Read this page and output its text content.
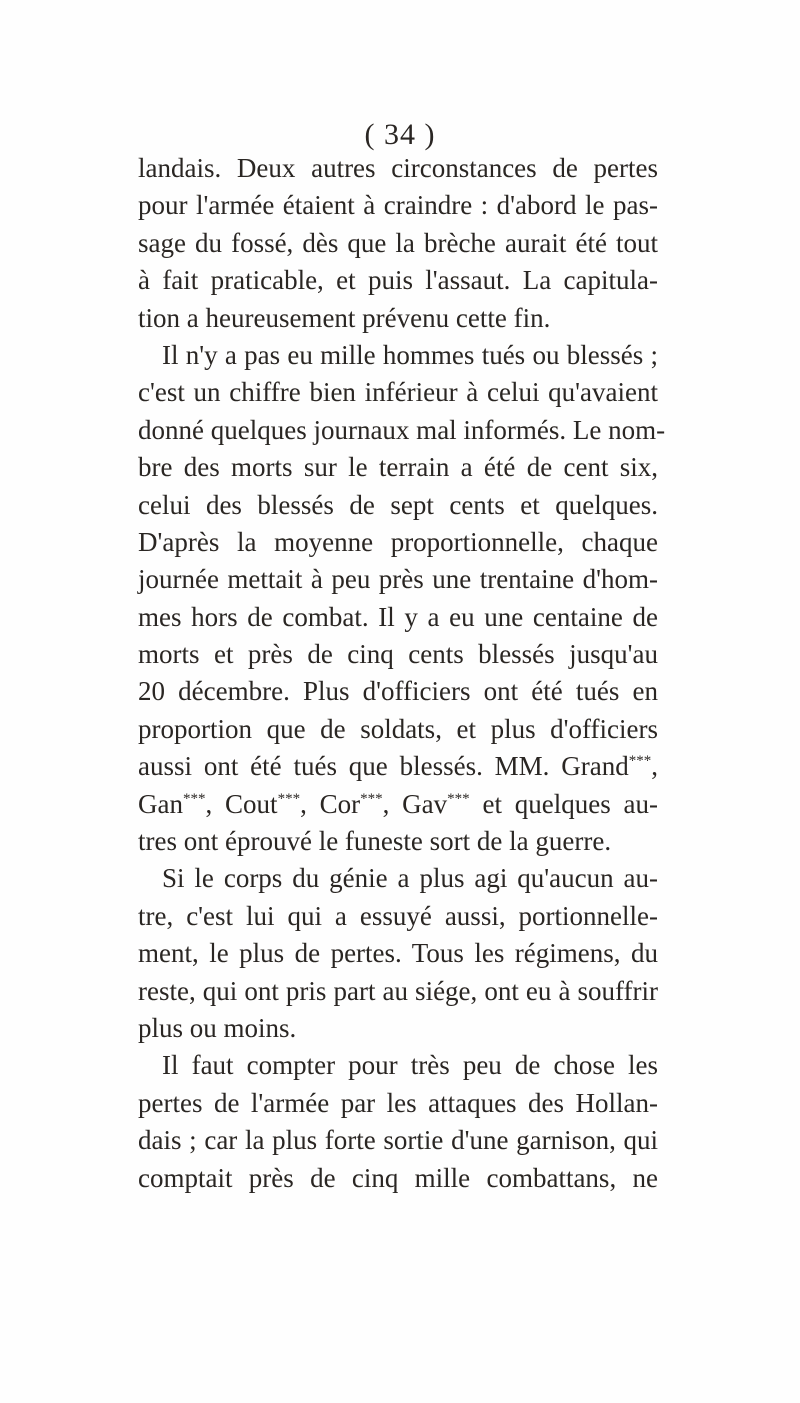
( 34 )
landais. Deux autres circonstances de pertes
pour l'armée étaient à craindre : d'abord le pas-
sage du fossé, dès que la brèche aurait été tout
à fait praticable, et puis l'assaut. La capitula-
tion a heureusement prévenu cette fin.
Il n'y a pas eu mille hommes tués ou blessés ;
c'est un chiffre bien inférieur à celui qu'avaient
donné quelques journaux mal informés. Le nom-
bre des morts sur le terrain a été de cent six,
celui des blessés de sept cents et quelques.
D'après la moyenne proportionnelle, chaque
journée mettait à peu près une trentaine d'hom-
mes hors de combat. Il y a eu une centaine de
morts et près de cinq cents blessés jusqu'au
20 décembre. Plus d'officiers ont été tués en
proportion que de soldats, et plus d'officiers
aussi ont été tués que blessés. MM. Grand***,
Gan***, Cout***, Cor***, Gav*** et quelques au-
tres ont éprouvé le funeste sort de la guerre.
Si le corps du génie a plus agi qu'aucun au-
tre, c'est lui qui a essuyé aussi, portionnelle-
ment, le plus de pertes. Tous les régimens, du
reste, qui ont pris part au siége, ont eu à souffrir
plus ou moins.
Il faut compter pour très peu de chose les
pertes de l'armée par les attaques des Hollan-
dais ; car la plus forte sortie d'une garnison, qui
comptait près de cinq mille combattans, ne
